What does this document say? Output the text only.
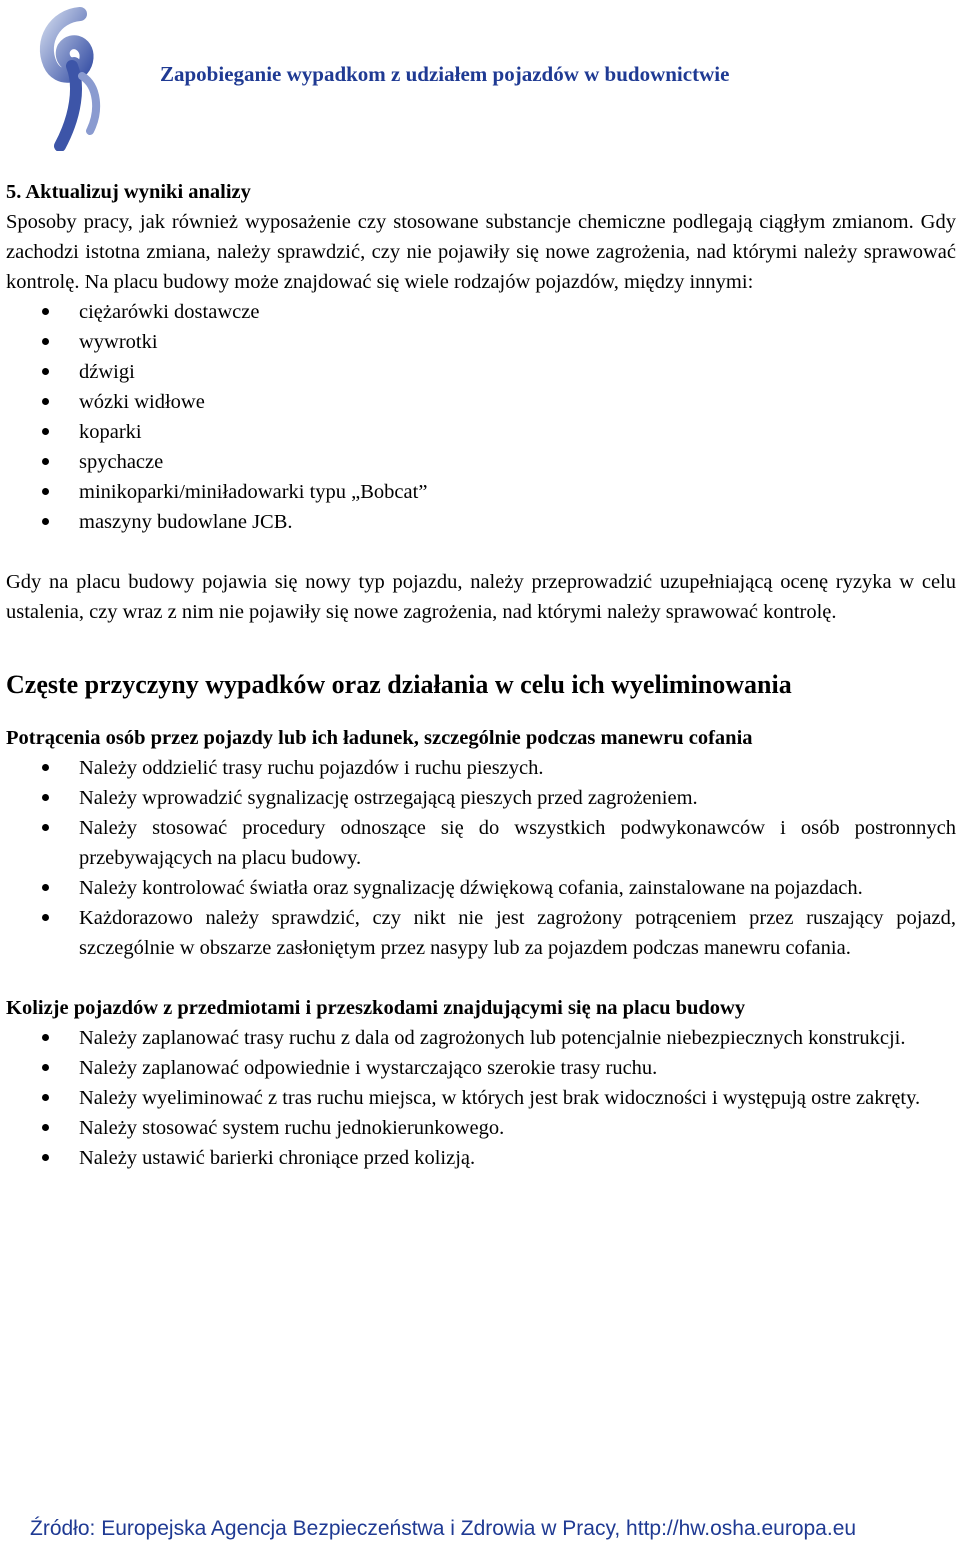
Zapobieganie wypadkom z udziałem pojazdów w budownictwie

5. Aktualizuj wyniki analizy

Sposoby pracy, jak również wyposażenie czy stosowane substancje chemiczne podlegają ciągłym zmianom. Gdy zachodzi istotna zmiana, należy sprawdzić, czy nie pojawiły się nowe zagrożenia, nad którymi należy sprawować kontrolę. Na placu budowy może znajdować się wiele rodzajów pojazdów, między innymi:

ciężarówki dostawcze
wywrotki
dźwigi
wózki widłowe
koparki
spychacze
minikoparki/miniładowarki typu „Bobcat”
maszyny budowlane JCB.

Gdy na placu budowy pojawia się nowy typ pojazdu, należy przeprowadzić uzupełniającą ocenę ryzyka w celu ustalenia, czy wraz z nim nie pojawiły się nowe zagrożenia, nad którymi należy sprawować kontrolę.

Częste przyczyny wypadków oraz działania w celu ich wyeliminowania
Potrącenia osób przez pojazdy lub ich ładunek, szczególnie podczas manewru cofania
Należy oddzielić trasy ruchu pojazdów i ruchu pieszych.
Należy wprowadzić sygnalizację ostrzegającą pieszych przed zagrożeniem.
Należy stosować procedury odnoszące się do wszystkich podwykonawców i osób postronnych przebywających na placu budowy.
Należy kontrolować światła oraz sygnalizację dźwiękową cofania, zainstalowane na pojazdach.
Każdorazowo należy sprawdzić, czy nikt nie jest zagrożony potrąceniem przez ruszający pojazd, szczególnie w obszarze zasłoniętym przez nasypy lub za pojazdem podczas manewru cofania.
Kolizje pojazdów z przedmiotami i przeszkodami znajdującymi się na placu budowy
Należy zaplanować trasy ruchu z dala od zagrożonych lub potencjalnie niebezpiecznych konstrukcji.
Należy zaplanować odpowiednie i wystarczająco szerokie trasy ruchu.
Należy wyeliminować z tras ruchu miejsca, w których jest brak widoczności i występują ostre zakręty.
Należy stosować system ruchu jednokierunkowego.
Należy ustawić barierki chroniące przed kolizją.
Źródło: Europejska Agencja Bezpieczeństwa i Zdrowia w Pracy, http://hw.osha.europa.eu
